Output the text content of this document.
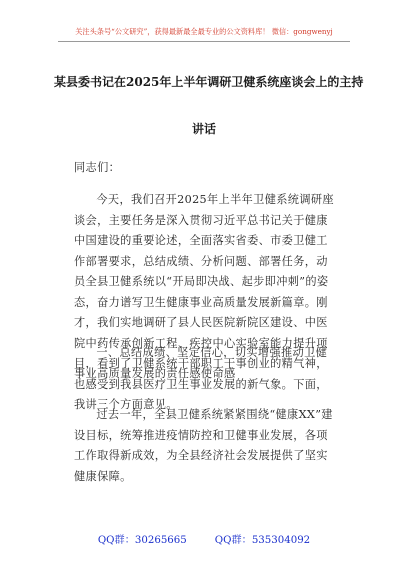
关注头条号“公文研究”，获得最新最全最专业的公文资料库！ 微信：gongwenyj
某县委书记在2025年上半年调研卫健系统座谈会上的主持
讲话
同志们：
今天，我们召开2025年上半年卫健系统调研座谈会，主要任务是深入贯彻习近平总书记关于健康中国建设的重要论述，全面落实省委、市委卫健工作部署要求，总结成绩、分析问题、部署任务，动员全县卫健系统以“开局即决战、起步即冲刺”的姿态，奋力谱写卫生健康事业高质量发展新篇章。刚才，我们实地调研了县人民医院新院区建设、中医院中药传承创新工程、疾控中心实验室能力提升项目，看到了卫健系统干部职工干事创业的精气神，也感受到我县医疗卫生事业发展的新气象。下面，我讲三个方面意见。
一、总结成绩、坚定信心，切实增强推动卫健事业高质量发展的责任感使命感
过去一年，全县卫健系统紧紧围绕“健康XX”建设目标，统筹推进疫情防控和卫健事业发展，各项工作取得新成效，为全县经济社会发展提供了坚实健康保障。
QQ群：30265665	QQ群：535304092
